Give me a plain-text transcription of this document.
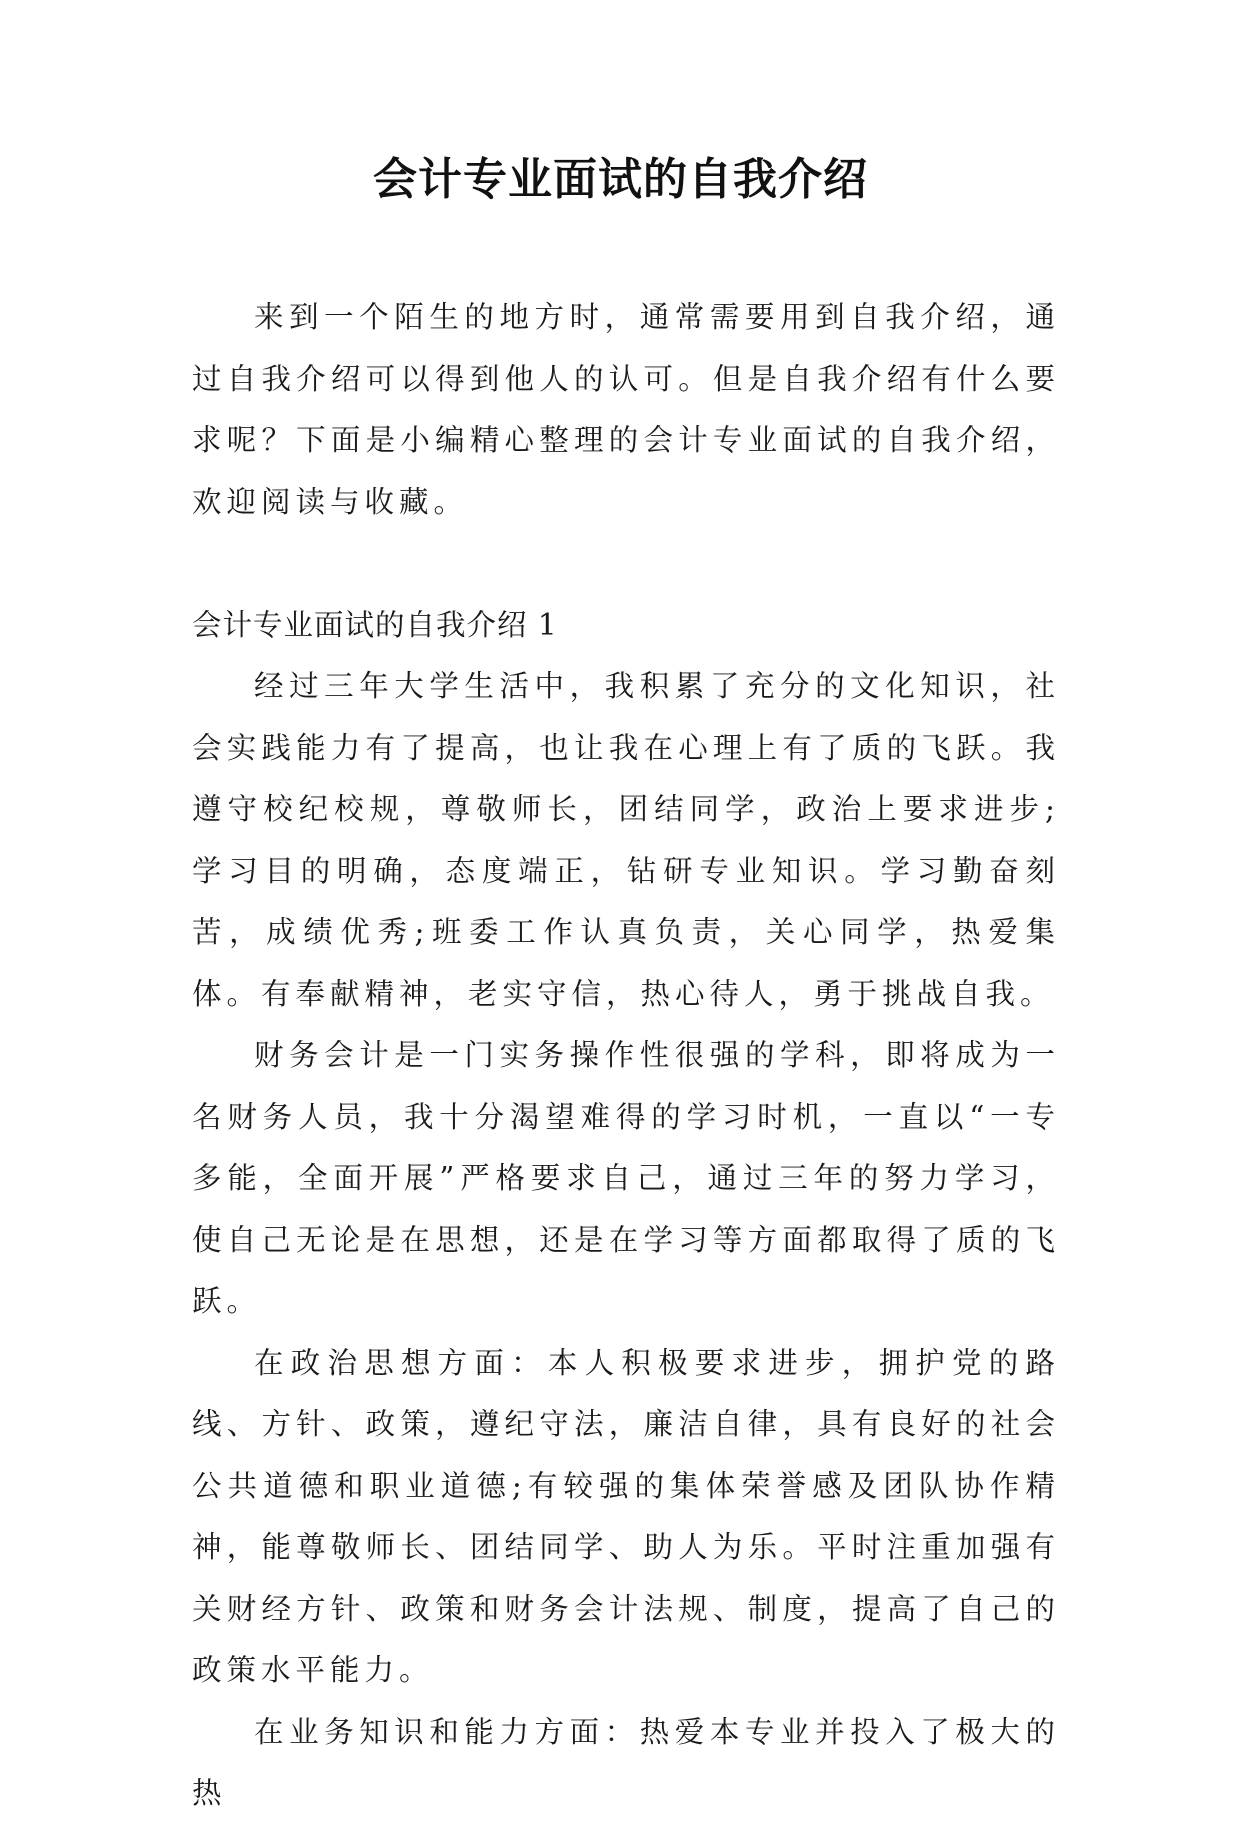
会计专业面试的自我介绍

来到一个陌生的地方时，通常需要用到自我介绍，通过自我介绍可以得到他人的认可。但是自我介绍有什么要求呢？下面是小编精心整理的会计专业面试的自我介绍，欢迎阅读与收藏。

会计专业面试的自我介绍 1

经过三年大学生活中，我积累了充分的文化知识，社会实践能力有了提高，也让我在心理上有了质的飞跃。我遵守校纪校规，尊敬师长，团结同学，政治上要求进步;学习目的明确，态度端正，钻研专业知识。学习勤奋刻苦，成绩优秀;班委工作认真负责，关心同学，热爱集体。有奉献精神，老实守信，热心待人，勇于挑战自我。

财务会计是一门实务操作性很强的学科，即将成为一名财务人员，我十分渴望难得的学习时机，一直以“一专多能，全面开展”严格要求自己，通过三年的努力学习，使自己无论是在思想，还是在学习等方面都取得了质的飞跃。

在政治思想方面：本人积极要求进步，拥护党的路线、方针、政策，遵纪守法，廉洁自律，具有良好的社会公共道德和职业道德;有较强的集体荣誉感及团队协作精神，能尊敬师长、团结同学、助人为乐。平时注重加强有关财经方针、政策和财务会计法规、制度，提高了自己的政策水平能力。

在业务知识和能力方面：热爱本专业并投入了极大的热
